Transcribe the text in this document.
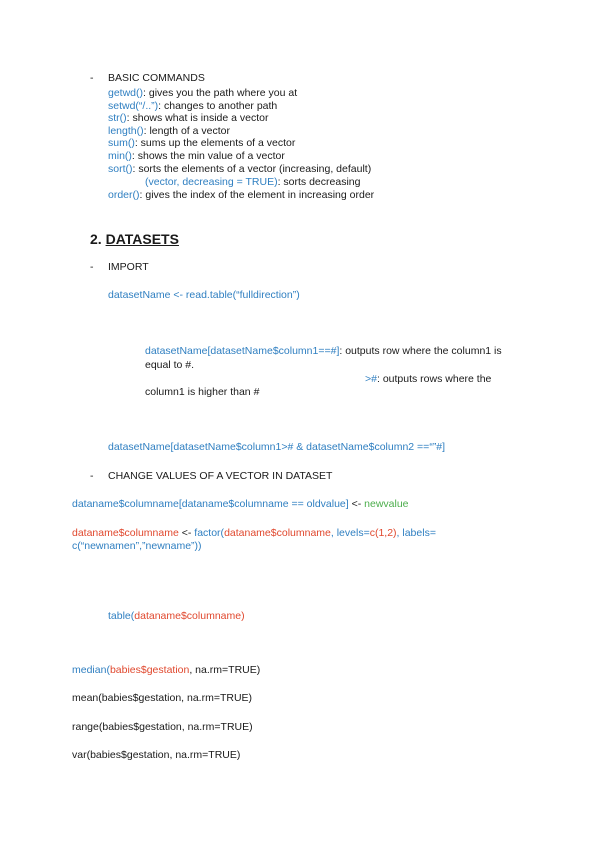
- BASIC COMMANDS
getwd(): gives you the path where you at
setwd(“/..”): changes to another path
str(): shows what is inside a vector
length(): length of a vector
sum(): sums up the elements of a vector
min(): shows the min value of a vector
sort(): sorts the elements of a vector (increasing, default)
(vector, decreasing = TRUE): sorts decreasing
order(): gives the index of the element in increasing order
2. DATASETS
- IMPORT
datasetName <- read.table(“fulldirection”)
datasetName[datasetName$column1==#]: outputs row where the column1 is
equal to #.
>#: outputs rows where the
column1 is higher than #
datasetName[datasetName$column1># & datasetName$column2 ==“”#]
- CHANGE VALUES OF A VECTOR IN DATASET
dataname$columname[dataname$columname == oldvalue] <- newvalue
dataname$columname <- factor(dataname$columname, levels=c(1,2), labels= c(“newnamen”,”newname”))
table(dataname$columname)
median(babies$gestation, na.rm=TRUE)
mean(babies$gestation, na.rm=TRUE)
range(babies$gestation, na.rm=TRUE)
var(babies$gestation, na.rm=TRUE)
